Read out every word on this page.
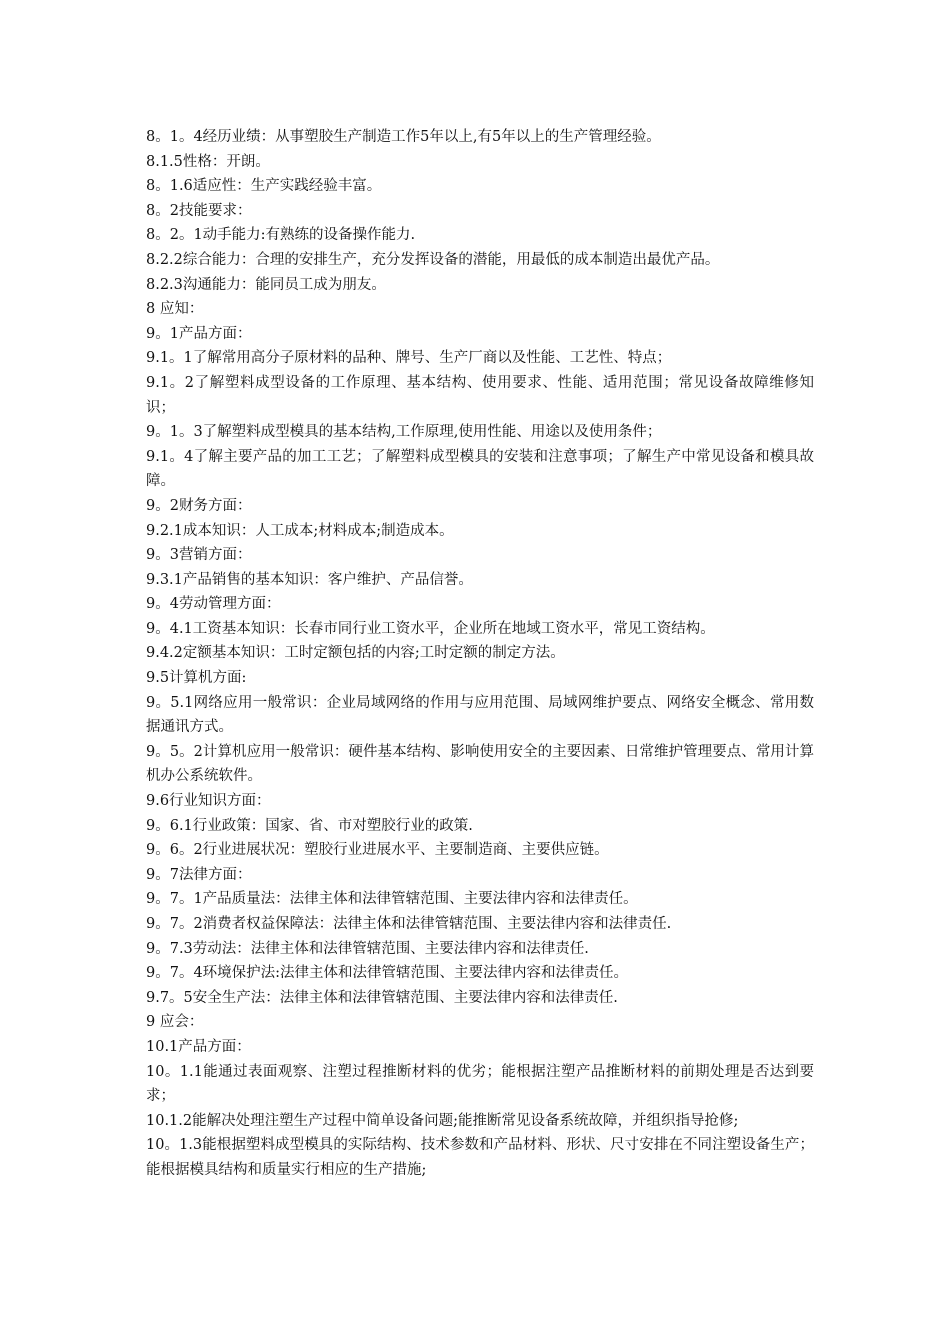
8。1。4经历业绩：从事塑胶生产制造工作5年以上,有5年以上的生产管理经验。

8.1.5性格：开朗。

8。1.6适应性：生产实践经验丰富。

8。2技能要求：

8。2。1动手能力:有熟练的设备操作能力.

8.2.2综合能力：合理的安排生产，充分发挥设备的潜能，用最低的成本制造出最优产品。

8.2.3沟通能力：能同员工成为朋友。

8 应知：

9。1产品方面：

9.1。1了解常用高分子原材料的品种、牌号、生产厂商以及性能、工艺性、特点；

9.1。2了解塑料成型设备的工作原理、基本结构、使用要求、性能、适用范围；常见设备故障维修知识；

9。1。3了解塑料成型模具的基本结构,工作原理,使用性能、用途以及使用条件；

9.1。4了解主要产品的加工工艺；了解塑料成型模具的安装和注意事项；了解生产中常见设备和模具故障。

9。2财务方面：

9.2.1成本知识：人工成本;材料成本;制造成本。

9。3营销方面：

9.3.1产品销售的基本知识：客户维护、产品信誉。

9。4劳动管理方面：

9。4.1工资基本知识：长春市同行业工资水平，企业所在地域工资水平，常见工资结构。

9.4.2定额基本知识：工时定额包括的内容;工时定额的制定方法。

9.5计算机方面:

9。5.1网络应用一般常识：企业局域网络的作用与应用范围、局域网维护要点、网络安全概念、常用数据通讯方式。

9。5。2计算机应用一般常识：硬件基本结构、影响使用安全的主要因素、日常维护管理要点、常用计算机办公系统软件。

9.6行业知识方面：

9。6.1行业政策：国家、省、市对塑胶行业的政策.

9。6。2行业进展状况：塑胶行业进展水平、主要制造商、主要供应链。

9。7法律方面：

9。7。1产品质量法：法律主体和法律管辖范围、主要法律内容和法律责任。

9。7。2消费者权益保障法：法律主体和法律管辖范围、主要法律内容和法律责任.

9。7.3劳动法：法律主体和法律管辖范围、主要法律内容和法律责任.

9。7。4环境保护法:法律主体和法律管辖范围、主要法律内容和法律责任。

9.7。5安全生产法：法律主体和法律管辖范围、主要法律内容和法律责任.

9 应会：

10.1产品方面：

10。1.1能通过表面观察、注塑过程推断材料的优劣；能根据注塑产品推断材料的前期处理是否达到要求；

10.1.2能解决处理注塑生产过程中简单设备问题;能推断常见设备系统故障，并组织指导抢修;

10。1.3能根据塑料成型模具的实际结构、技术参数和产品材料、形状、尺寸安排在不同注塑设备生产；能根据模具结构和质量实行相应的生产措施;
